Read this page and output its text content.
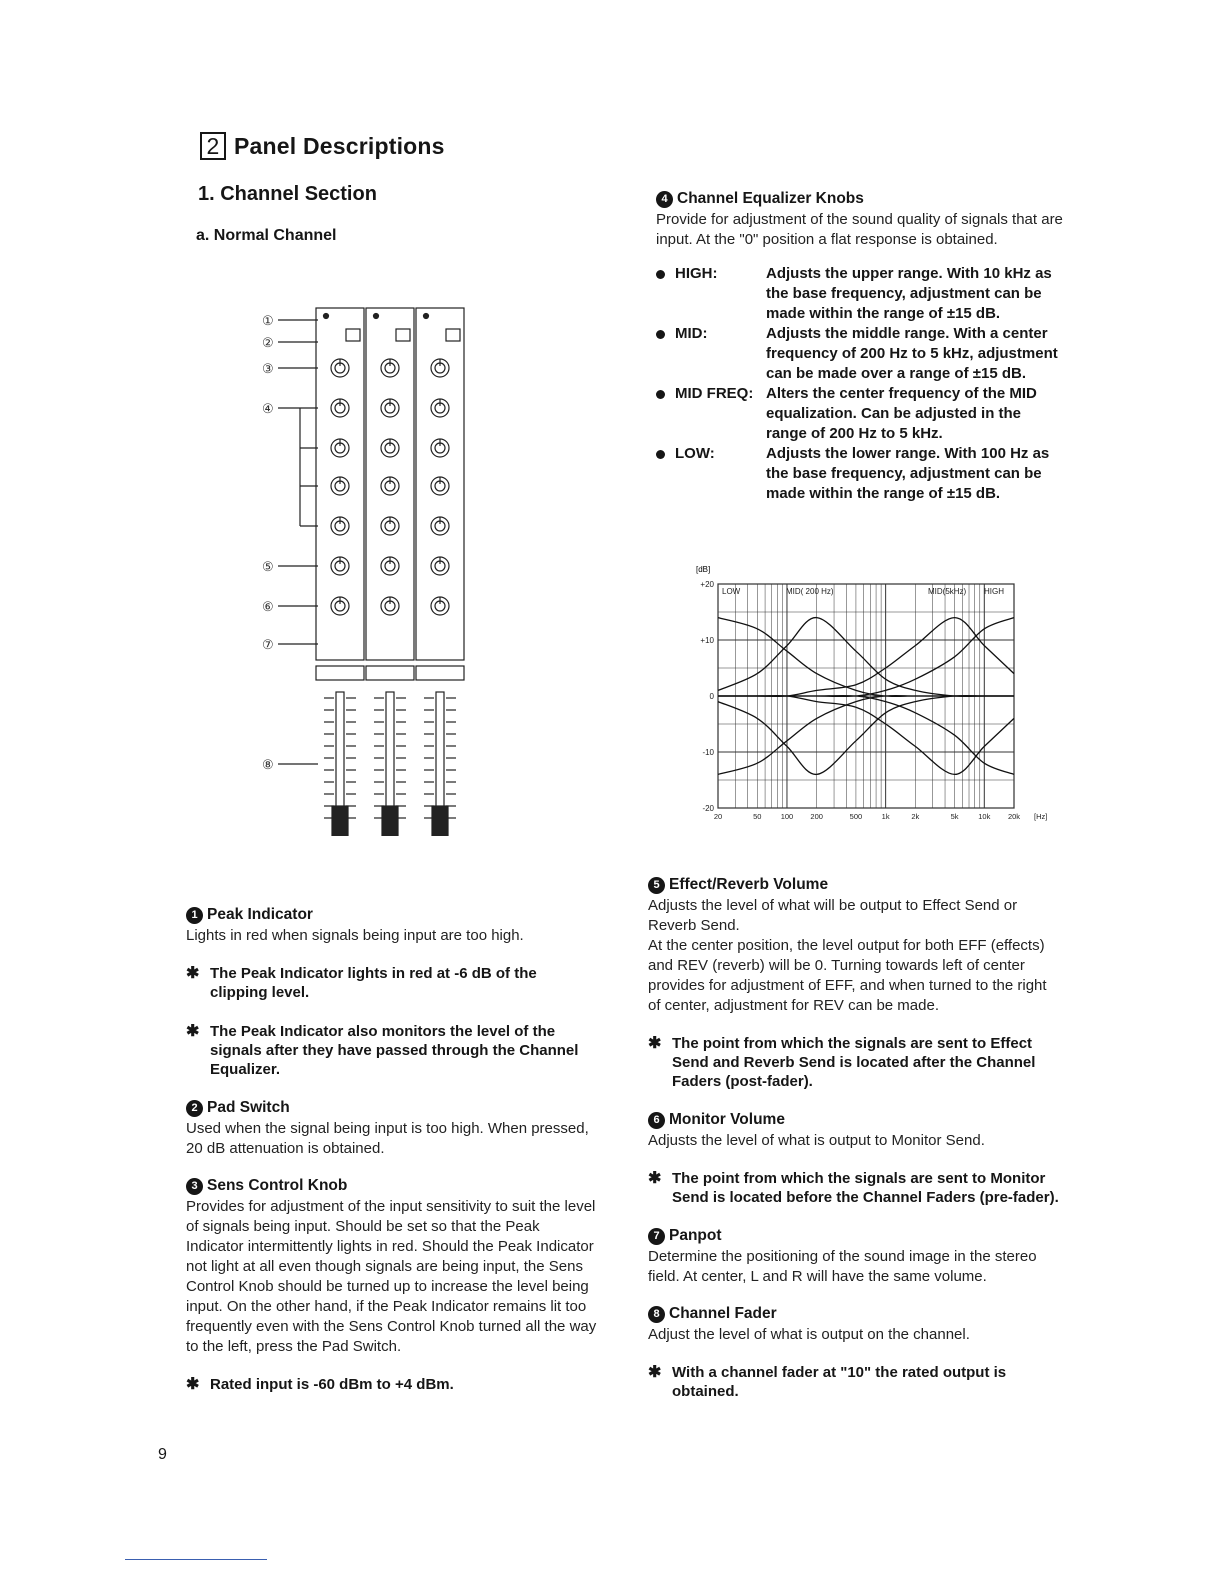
2 Panel Descriptions
1. Channel Section
a. Normal Channel
①
②
③
④
⑤
⑥
⑦
⑧
1 Peak Indicator
Lights in red when signals being input are too high.
✱ The Peak Indicator lights in red at -6 dB of the clipping level.
✱ The Peak Indicator also monitors the level of the signals after they have passed through the Channel Equalizer.
2 Pad Switch
Used when the signal being input is too high. When pressed, 20 dB attenuation is obtained.
3 Sens Control Knob
Provides for adjustment of the input sensitivity to suit the level of signals being input. Should be set so that the Peak Indicator intermittently lights in red. Should the Peak Indicator not light at all even though signals are being input, the Sens Control Knob should be turned up to increase the level being input. On the other hand, if the Peak Indicator remains lit too frequently even with the Sens Control Knob turned all the way to the left, press the Pad Switch.
✱ Rated input is -60 dBm to +4 dBm.
4 Channel Equalizer Knobs
Provide for adjustment of the sound quality of signals that are input. At the "0" position a flat response is obtained.
HIGH:	Adjusts the upper range. With 10 kHz as the base frequency, adjustment can be made within the range of ±15 dB.
MID:	Adjusts the middle range. With a center frequency of 200 Hz to 5 kHz, adjustment can be made over a range of ±15 dB.
MID FREQ: Alters the center frequency of the MID equalization. Can be adjusted in the range of 200 Hz to 5 kHz.
LOW:	Adjusts the lower range. With 100 Hz as the base frequency, adjustment can be made within the range of ±15 dB.
[dB]
+20
+10
0
-10
-20
20	50	100 200	500	1k	2k	5k	10k 20k [Hz]
LOW	MID( 200 Hz)	MID(5kHz) HIGH
5 Effect/Reverb Volume
Adjusts the level of what will be output to Effect Send or Reverb Send.
At the center position, the level output for both EFF (effects) and REV (reverb) will be 0. Turning towards left of center provides for adjustment of EFF, and when turned to the right of center, adjustment for REV can be made.
✱ The point from which the signals are sent to Effect Send and Reverb Send is located after the Channel Faders (post-fader).
6 Monitor Volume
Adjusts the level of what is output to Monitor Send.
✱ The point from which the signals are sent to Monitor Send is located before the Channel Faders (pre-fader).
7 Panpot
Determine the positioning of the sound image in the stereo field. At center, L and R will have the same volume.
8 Channel Fader
Adjust the level of what is output on the channel.
✱ With a channel fader at "10" the rated output is obtained.
9
